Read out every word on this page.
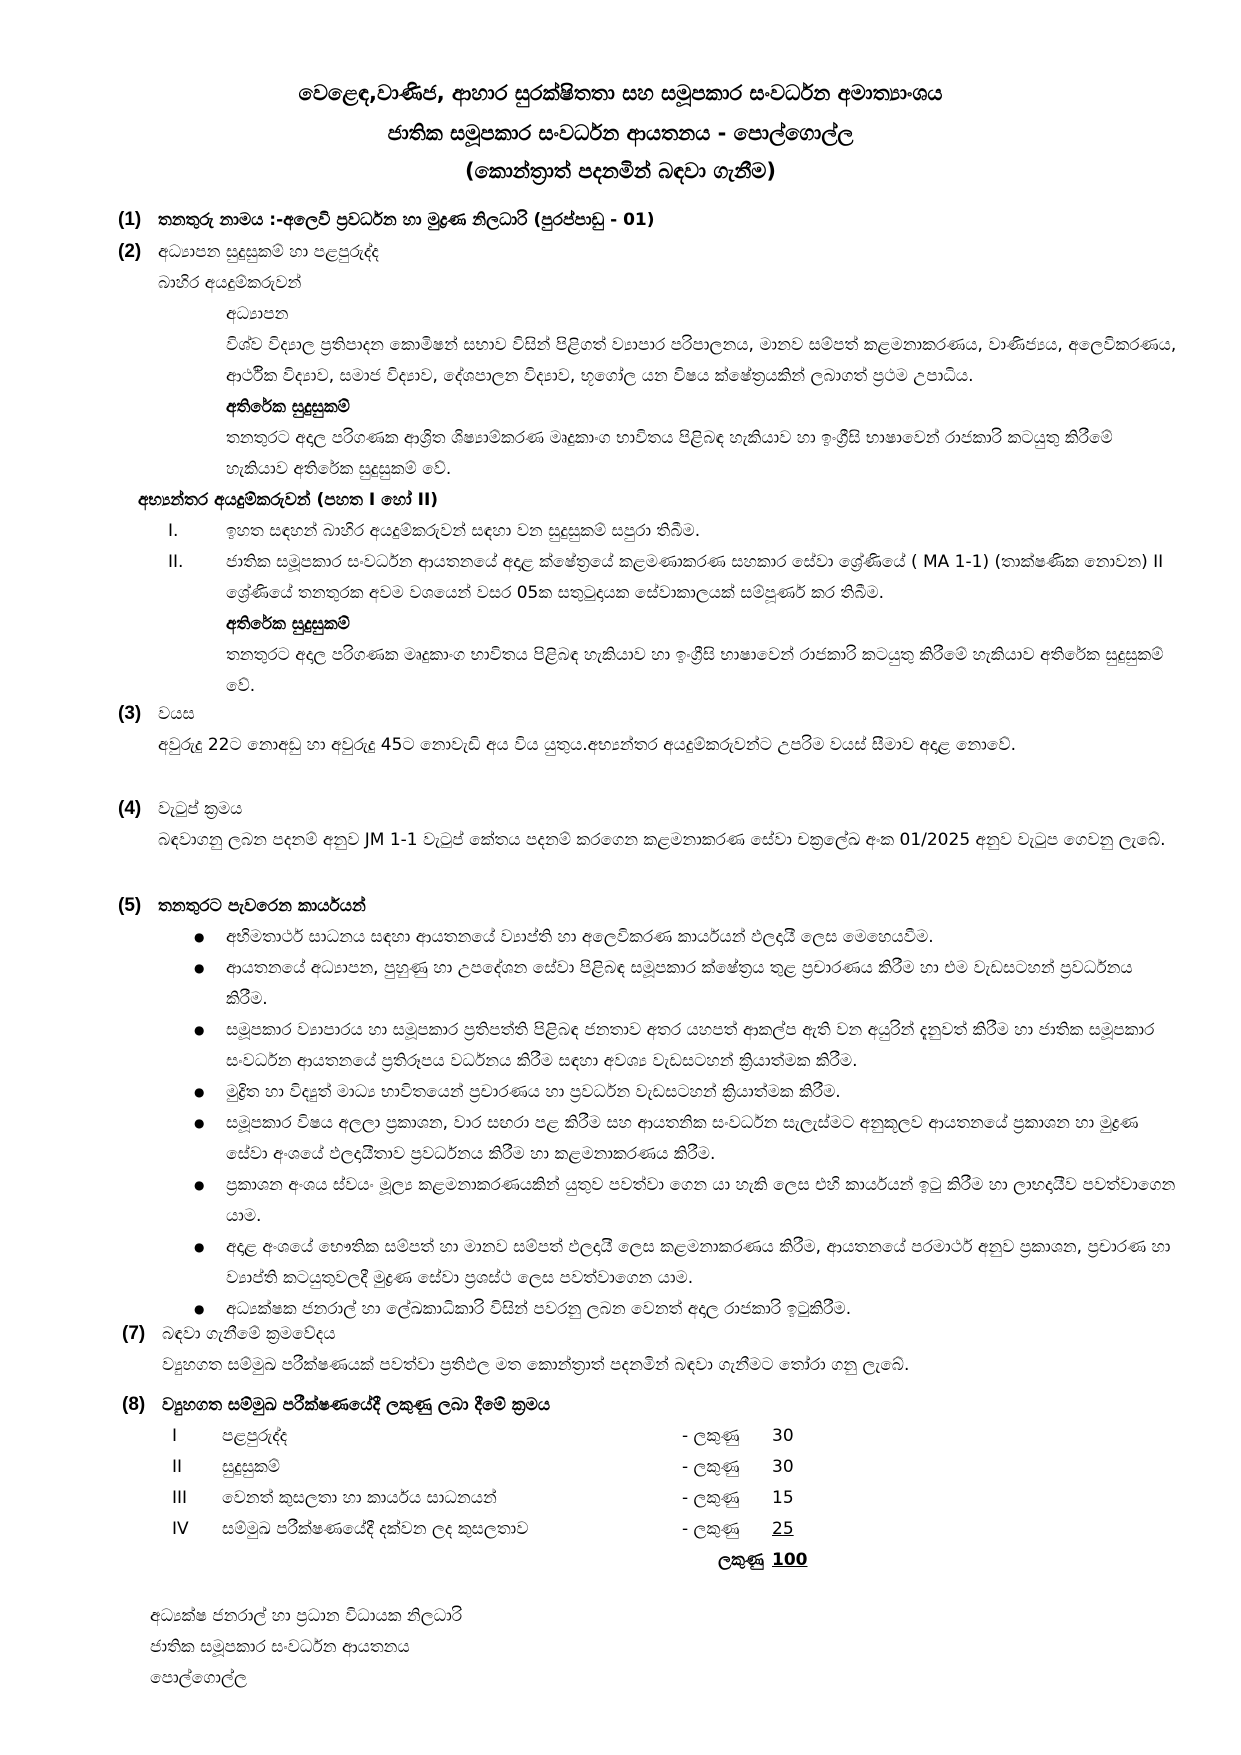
වෙළෙඳ,වාණිජ, ආහාර සුරක්ෂිතතා සහ සමූපකාර සංවර්ධන අමාත්‍යාංශය
ජාතික සමූපකාර සංවර්ධන ආයතනය - පොල්ගොල්ල
(කොන්ත්‍රාත් පදනමින් බඳවා ගැනීම)
(1) තනතුරු නාමය :-අලෙවි ප්‍රවර්ධන හා මුද්‍රණ නිලධාරි (පුරප්පාඩු - 01)
(2) අධ්‍යාපන සුදුසුකම් හා පළපුරුද්ද
බාහිර අයදුම්කරුවන්
අධ්‍යාපන
විශ්ව විද්‍යාල ප්‍රතිපාදන කොමිෂන් සභාව විසින් පිළිගත් ව්‍යාපාර පරිපාලනය, මානව සම්පත් කළමනාකරණය, වාණිජ්‍යය, අලෙවිකරණය, ආර්ථික විද්‍යාව, සමාජ විද්‍යාව, දේශපාලන විද්‍යාව, භූගෝල යන විෂය ක්ෂේත්‍රයකින් ලබාගත් ප්‍රථම උපාධිය.
අතිරේක සුදුසුකම්
තනතුරට අදාල පරිගණක ආශ්‍රිත ශිෂ්‍යාම්කරණ මෘදුකාංග භාවිතය පිළිබඳ හැකියාව හා ඉංග්‍රීසි භාෂාවෙන් රාජකාරි කටයුතු කිරීමේ හැකියාව අතිරේක සුදුසුකම් වේ.
අභ්‍යන්තර අයදුම්කරුවන් (පහත I හෝ II)
I.	ඉහත සඳහන් බාහිර අයදුම්කරුවන් සඳහා වන සුදුසුකම් සපුරා තිබීම.
II.	ජාතික සමූපකාර සංවර්ධන ආයතනයේ අදාළ ක්ෂේත්‍රයේ කළමණාකරණ සහකාර සේවා ශ්‍රේණියේ ( MA 1-1) (තාක්ෂණික නොවන) II ශ්‍රේණියේ තනතුරක අවම වශයෙන් වසර 05ක සතුටුදායක සේවාකාලයක් සම්පූර්ණ කර තිබීම.
අතිරේක සුදුසුකම්
තනතුරට අදාල පරිගණක මෘදුකාංග භාවිතය පිළිබඳ හැකියාව හා ඉංග්‍රීසි භාෂාවෙන් රාජකාරි කටයුතු කිරීමේ හැකියාව අතිරේක සුදුසුකම් වේ.
(3) වයස
අවුරුදු 22ට නොඅඩු හා අවුරුදු 45ට නොවැඩි අය විය යුතුය.අභ්‍යන්තර අයදුම්කරුවන්ට උපරිම වයස් සීමාව අදාළ නොවේ.
(4) වැටුප් ක්‍රමය
බඳවාගනු ලබන පදනම් අනුව JM 1-1 වැටුප් කේතය පදනම් කරගෙන කළමනාකරණ සේවා චක්‍රලේඛ අංක 01/2025 අනුව වැටුප ගෙවනු ලැබේ.
(5) තනතුරට පැවරෙන කාර්යයන්
● අභිමතාර්ථ සාධනය සඳහා ආයතනයේ ව්‍යාප්ති හා අලෙවිකරණ කාර්යයන් ඵලදායී ලෙස මෙහෙයවීම.
● ආයතනයේ අධ්‍යාපන, පුහුණු හා උපදේශන සේවා පිළිබඳ සමූපකාර ක්ෂේත්‍රය තුළ ප්‍රචාරණය කිරීම හා එම වැඩසටහන් ප්‍රවර්ධනය කිරීම.
● සමූපකාර ව්‍යාපාරය හා සමූපකාර ප්‍රතිපත්ති පිළිබඳ ජනතාව අතර යහපත් ආකල්ප ඇති වන අයුරින් දැනුවත් කිරීම හා ජාතික සමූපකාර සංවර්ධන ආයතනයේ ප්‍රතිරූපය වර්ධනය කිරීම සඳහා අවශ්‍ය වැඩසටහන් ක්‍රියාත්මක කිරීම.
● මුද්‍රිත හා විද්‍යුත් මාධ්‍ය භාවිතයෙන් ප්‍රචාරණය හා ප්‍රවර්ධන වැඩසටහන් ක්‍රියාත්මක කිරීම.
● සමූපකාර විෂය අලලා ප්‍රකාශන, වාර සඟරා පළ කිරීම සහ ආයතනික සංවර්ධන සැලැස්මට අනුකූලව ආයතනයේ ප්‍රකාශන හා මුද්‍රණ සේවා අංශයේ ඵලදායීතාව ප්‍රවර්ධනය කිරීම හා කළමනාකරණය කිරීම.
● ප්‍රකාශන අංශය ස්වයං මූල්‍ය කළමනාකරණයකින් යුතුව පවත්වා ගෙන යා හැකි ලෙස එහි කාර්යයන් ඉටු කිරීම හා ලාභදායීව පවත්වාගෙන යාම.
● අදාළ අංශයේ භෞතික සම්පත් හා මානව සම්පත් ඵලදායී ලෙස කළමනාකරණය කිරීම, ආයතනයේ පරමාර්ථ අනුව ප්‍රකාශන, ප්‍රචාරණ හා ව්‍යාප්ති කටයුතුවලදී මුද්‍රණ සේවා ප්‍රශස්ථ ලෙස පවත්වාගෙන යාම.
● අධ්‍යක්ෂක ජනරාල් හා ලේඛකාධිකාරි විසින් පවරනු ලබන වෙනත් අදාල රාජකාරි ඉටුකිරීම.
(7) බඳවා ගැනීමේ ක්‍රමවේදය
ව්‍යුහගත සම්මුඛ පරීක්ෂණයක් පවත්වා ප්‍රතිඵල මත කොන්ත්‍රාත් පදනමින් බඳවා ගැනීමට තෝරා ගනු ලැබේ.
(8) ව්‍යුහගත සම්මුඛ පරීක්ෂණයේදී ලකුණු ලබා දීමේ ක්‍රමය
I	පළපුරුද්ද	- ලකුණු	30
II	සුදුසුකම්	- ලකුණු	30
III	වෙනත් කුසලතා හා කාර්යය සාධනයන්	- ලකුණු	15
IV	සම්මුඛ පරීක්ෂණයේදී දක්වන ලද කුසලතාව	- ලකුණු	25
ලකුණු 100
අධ්‍යක්ෂ ජනරාල් හා ප්‍රධාන විධායක නිලධාරි
ජාතික සමූපකාර සංවර්ධන ආයතනය
පොල්ගොල්ල
